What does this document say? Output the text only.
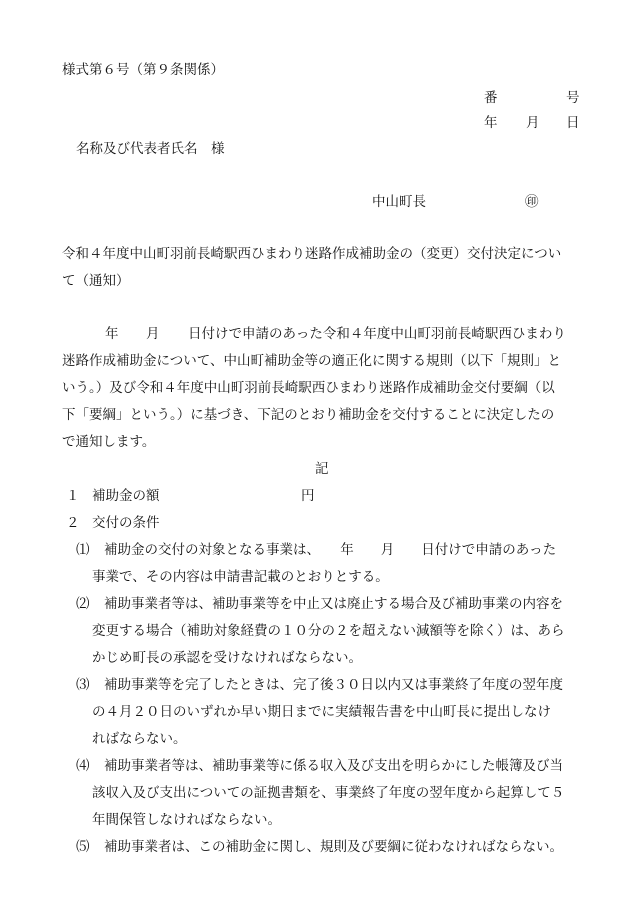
様式第６号（第９条関係）
番	号
年 月 日
名称及び代表者氏名　様
中山町長	㊞
令和４年度中山町羽前長崎駅西ひまわり迷路作成補助金の（変更）交付決定につい
て（通知）
年 月 日付けで申請のあった令和４年度中山町羽前長崎駅西ひまわり
迷路作成補助金について、中山町補助金等の適正化に関する規則（以下「規則」と
いう。）及び令和４年度中山町羽前長崎駅西ひまわり迷路作成補助金交付要綱（以
下「要綱」という。）に基づき、下記のとおり補助金を交付することに決定したの
で通知します。
記
１ 補助金の額	円
２ 交付の条件
⑴ 補助金の交付の対象となる事業は、　　年　　月　　日付けで申請のあった
事業で、その内容は申請書記載のとおりとする。
⑵ 補助事業者等は、補助事業等を中止又は廃止する場合及び補助事業の内容を
変更する場合（補助対象経費の１０分の２を超えない減額等を除く）は、あら
かじめ町長の承認を受けなければならない。
⑶ 補助事業等を完了したときは、完了後３０日以内又は事業終了年度の翌年度
の４月２０日のいずれか早い期日までに実績報告書を中山町長に提出しなけ
ればならない。
⑷ 補助事業者等は、補助事業等に係る収入及び支出を明らかにした帳簿及び当
該収入及び支出についての証拠書類を、事業終了年度の翌年度から起算して５
年間保管しなければならない。
⑸ 補助事業者は、この補助金に関し、規則及び要綱に従わなければならない。
